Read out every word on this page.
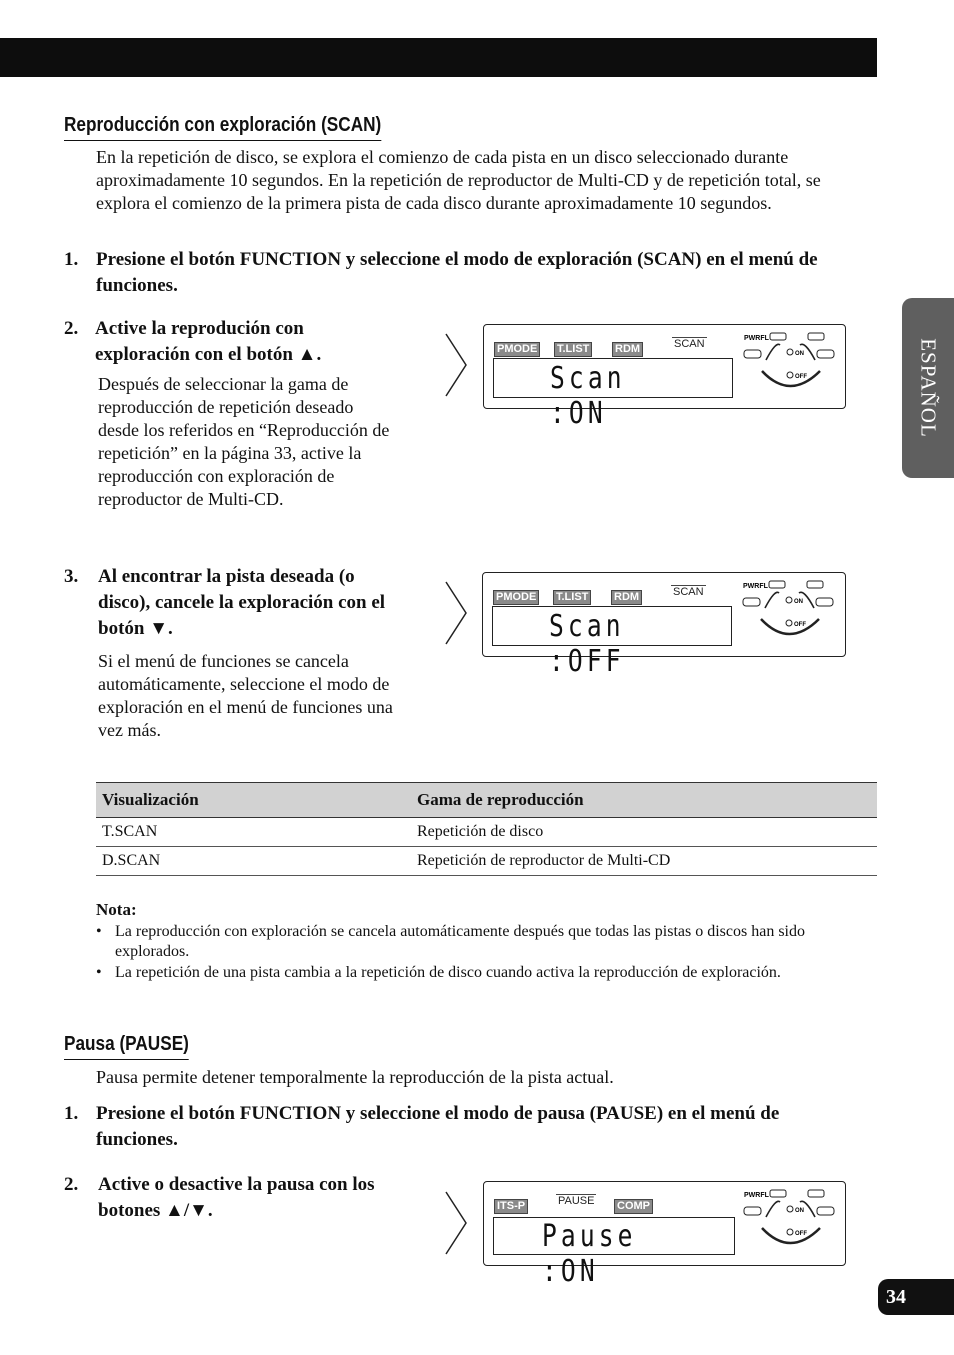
ESPAÑOL
Reproducción con exploración (SCAN)
En la repetición de disco, se explora el comienzo de cada pista en un disco seleccionado durante aproximadamente 10 segundos. En la repetición de reproductor de Multi-CD y de repetición total, se explora el comienzo de la primera pista de cada disco durante aproximadamente 10 segundos.
1. Presione el botón FUNCTION y seleccione el modo de exploración (SCAN) en el menú de funciones.
2. Active la reprodución con exploración con el botón ▲.
Después de seleccionar la gama de reproducción de repetición deseado desde los referidos en “Reproducción de repetición” en la página 33, active la reproducción con exploración de reproductor de Multi-CD.
3. Al encontrar la pista deseada (o disco), cancele la exploración con el botón ▼.
Si el menú de funciones se cancela automáticamente, seleccione el modo de exploración en el menú de funciones una vez más.
PMODE T.LIST RDM	SCAN
Scan :ON
PWRFL
ON
OFF
PMODE T.LIST RDM	SCAN
Scan :OFF
PWRFL
ON
OFF
Visualización	Gama de reproducción
T.SCAN	Repetición de disco
D.SCAN	Repetición de reproductor de Multi-CD
Nota:
• La reproducción con exploración se cancela automáticamente después que todas las pistas o discos han sido explorados.
• La repetición de una pista cambia a la repetición de disco cuando activa la reproducción de exploración.
Pausa (PAUSE)
Pausa permite detener temporalmente la reproducción de la pista actual.
1. Presione el botón FUNCTION y seleccione el modo de pausa (PAUSE) en el menú de funciones.
2. Active o desactive la pausa con los botones ▲/▼.	ITS-P	PAUSE COMP
Pause :ON
PWRFL
ON
OFF
34
